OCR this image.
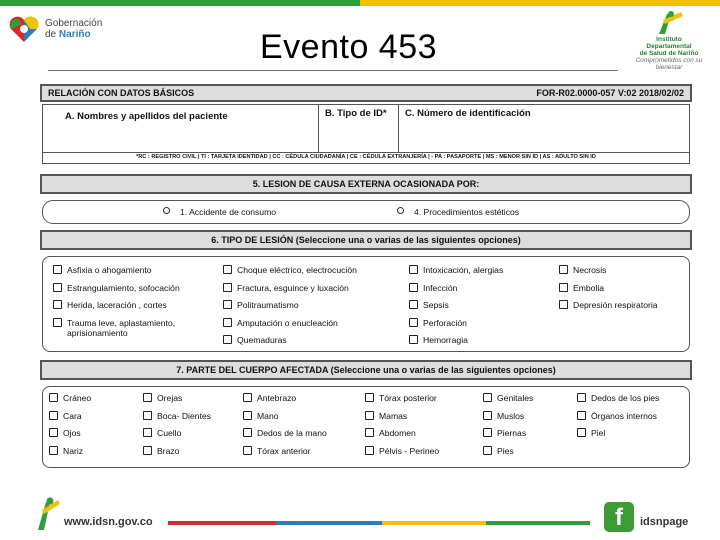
Gobernación
de Nariño	Evento 453	Instituto
Departamental
de Salud de Nariño
Comprometidos con su bienestar
RELACIÓN CON DATOS BÁSICOS	FOR-R02.0000-057 V:02 2018/02/02
A. Nombres y apellidos del paciente	B. Tipo de ID*	C. Número de identificación
*RC : REGISTRO CIVIL | TI : TARJETA IDENTIDAD | CC : CÉDULA CIUDADANÍA | CE : CÉDULA EXTRANJERÍA | - PA : PASAPORTE | MS : MENOR SIN ID | AS : ADULTO SIN ID
5. LESION DE CAUSA EXTERNA OCASIONADA POR:
1. Accidente de consumo	4. Procedimientos estéticos
6. TIPO DE LESIÓN (Seleccione una o varias de las siguientes opciones)
Asfixia o ahogamiento
Estrangulamiento, sofocación
Herida, laceración , cortes
Trauma leve, aplastamiento, aprisionamiento
Choque eléctrico, electrocución
Fractura, esguince y luxación
Politraumatismo
Amputación o enucleación
Quemaduras
Intoxicación, alergias
Infección
Sepsis
Perforación
Hemorragia
Necrosis
Embolia
Depresión respiratoria
7. PARTE DEL CUERPO AFECTADA (Seleccione una o varias de las siguientes opciones)
Cráneo
Cara
Ojos
Nariz
Orejas
Boca- Dientes
Cuello
Brazo
Antebrazo
Mano
Dedos de la mano
Tórax anterior
Tórax posterior
Mamas
Abdomen
Pélvis - Perineo
Genitales
Muslos
Piernas
Pies
Dedos de los pies
Órganos internos
Piel
www.idsn.gov.co	f	idsnpage
